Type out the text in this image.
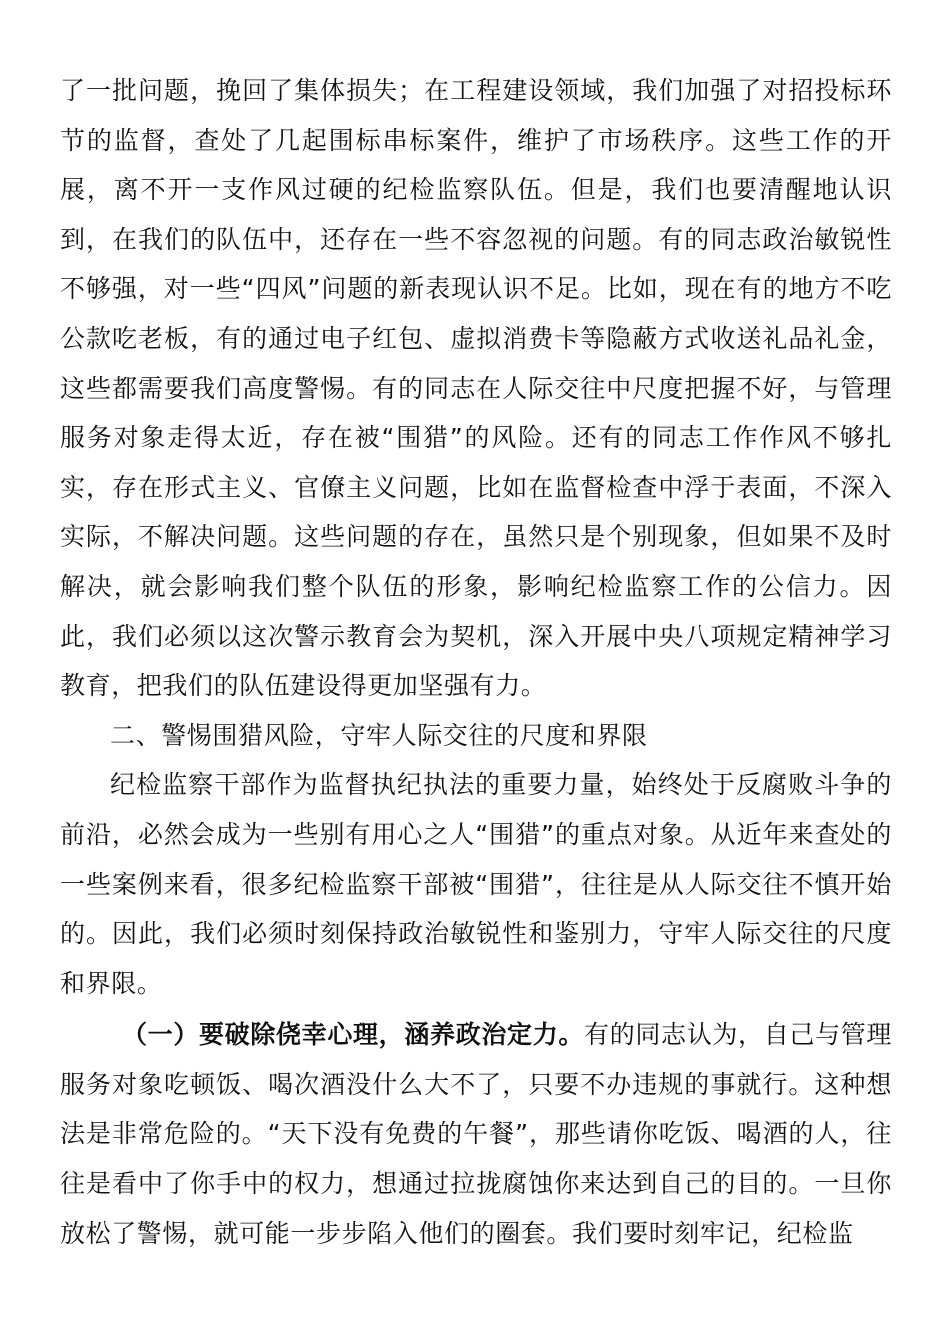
了一批问题，挽回了集体损失；在工程建设领域，我们加强了对招投标环节的监督，查处了几起围标串标案件，维护了市场秩序。这些工作的开展，离不开一支作风过硬的纪检监察队伍。但是，我们也要清醒地认识到，在我们的队伍中，还存在一些不容忽视的问题。有的同志政治敏锐性不够强，对一些“四风”问题的新表现认识不足。比如，现在有的地方不吃公款吃老板，有的通过电子红包、虚拟消费卡等隐蔽方式收送礼品礼金，这些都需要我们高度警惕。有的同志在人际交往中尺度把握不好，与管理服务对象走得太近，存在被“围猎”的风险。还有的同志工作作风不够扎实，存在形式主义、官僚主义问题，比如在监督检查中浮于表面，不深入实际，不解决问题。这些问题的存在，虽然只是个别现象，但如果不及时解决，就会影响我们整个队伍的形象，影响纪检监察工作的公信力。因此，我们必须以这次警示教育会为契机，深入开展中央八项规定精神学习教育，把我们的队伍建设得更加坚强有力。

二、警惕围猎风险，守牢人际交往的尺度和界限

纪检监察干部作为监督执纪执法的重要力量，始终处于反腐败斗争的前沿，必然会成为一些别有用心之人“围猎”的重点对象。从近年来查处的一些案例来看，很多纪检监察干部被“围猎”，往往是从人际交往不慎开始的。因此，我们必须时刻保持政治敏锐性和鉴别力，守牢人际交往的尺度和界限。

（一）要破除侥幸心理，涵养政治定力。有的同志认为，自己与管理服务对象吃顿饭、喝次酒没什么大不了，只要不办违规的事就行。这种想法是非常危险的。“天下没有免费的午餐”，那些请你吃饭、喝酒的人，往往是看中了你手中的权力，想通过拉拢腐蚀你来达到自己的目的。一旦你放松了警惕，就可能一步步陷入他们的圈套。我们要时刻牢记，纪检监
